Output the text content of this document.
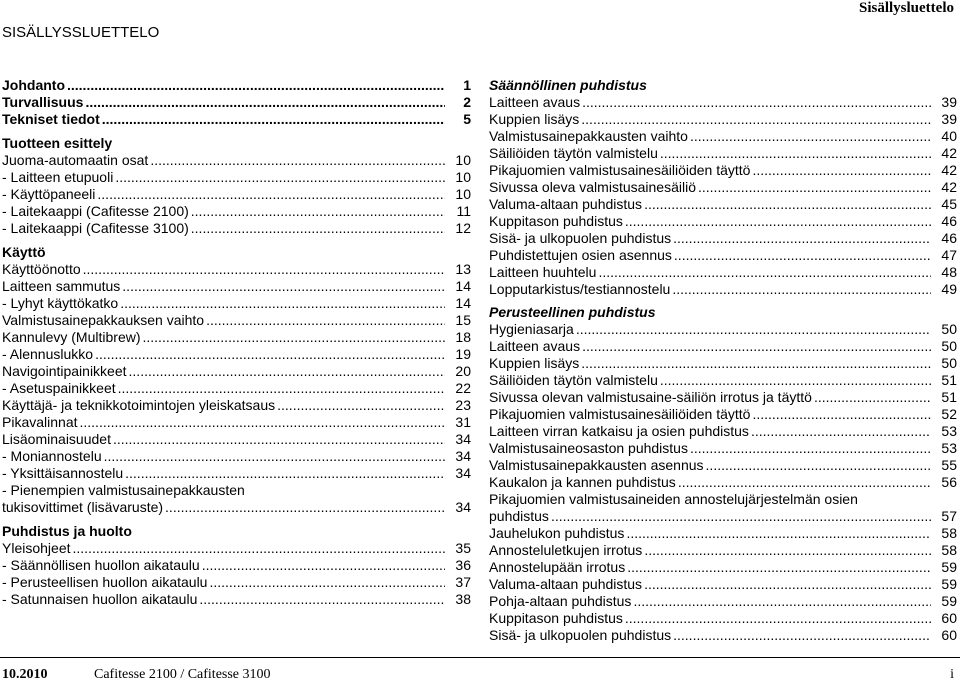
Sisällysluettelo
SISÄLLYSSLUETTELO
Johdanto .....	1
Turvallisuus .....	2
Tekniset tiedot .....	5
Tuotteen esittely
Juoma-automaatin osat .....	10
- Laitteen etupuoli .....	10
- Käyttöpaneeli .....	10
- Laitekaappi (Cafitesse 2100) .....	11
- Laitekaappi (Cafitesse 3100) .....	12
Käyttö
Käyttöönotto .....	13
Laitteen sammutus .....	14
- Lyhyt käyttökatko .....	14
Valmistusainepakkauksen vaihto .....	15
Kannulevy (Multibrew) .....	18
- Alennuslukko .....	19
Navigointipainikkeet .....	20
- Asetuspainikkeet .....	22
Käyttäjä- ja teknikkotoimintojen yleiskatsaus .....	23
Pikavalinnat .....	31
Lisäominaisuudet .....	34
- Moniannostelu .....	34
- Yksittäisannostelu .....	34
- Pienempien valmistusainepakkausten
tukisovittimet (lisävaruste) .....	34
Puhdistus ja huolto
Yleisohjeet .....	35
- Säännöllisen huollon aikataulu .....	36
- Perusteellisen huollon aikataulu .....	37
- Satunnaisen huollon aikataulu .....	38
Säännöllinen puhdistus
Laitteen avaus .....	39
Kuppien lisäys .....	39
Valmistusainepakkausten vaihto .....	40
Säiliöiden täytön valmistelu .....	42
Pikajuomien valmistusainesäiliöiden täyttö .....	42
Sivussa oleva valmistusainesäiliö .....	42
Valuma-altaan puhdistus .....	45
Kuppitason puhdistus .....	46
Sisä- ja ulkopuolen puhdistus .....	46
Puhdistettujen osien asennus .....	47
Laitteen huuhtelu .....	48
Lopputarkistus/testiannostelu .....	49
Perusteellinen puhdistus
Hygieniasarja .....	50
Laitteen avaus .....	50
Kuppien lisäys .....	50
Säiliöiden täytön valmistelu .....	51
Sivussa olevan valmistusaine-säiliön irrotus ja täyttö .....	51
Pikajuomien valmistusainesäiliöiden täyttö .....	52
Laitteen virran katkaisu ja osien puhdistus .....	53
Valmistusaineosaston puhdistus .....	53
Valmistusainepakkausten asennus .....	55
Kaukalon ja kannen puhdistus .....	56
Pikajuomien valmistusaineiden annostelujärjestelmän osien
puhdistus .....	57
Jauhelukon puhdistus .....	58
Annosteluletkujen irrotus .....	58
Annostelupään irrotus .....	59
Valuma-altaan puhdistus .....	59
Pohja-altaan puhdistus .....	59
Kuppitason puhdistus .....	60
Sisä- ja ulkopuolen puhdistus .....	60
10.2010	Cafitesse 2100 / Cafitesse 3100	i
